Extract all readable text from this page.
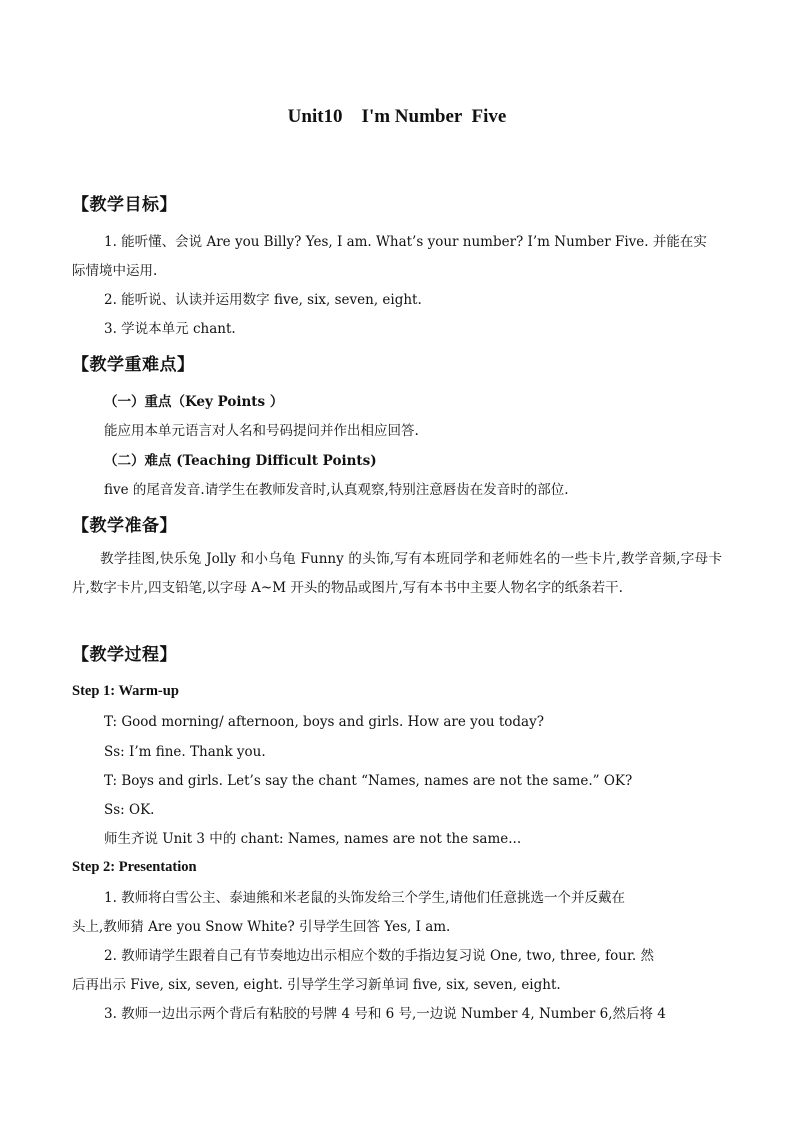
Unit10    I'm Number  Five
【教学目标】
1. 能听懂、会说 Are you Billy? Yes, I am. What’s your number? I’m Number Five. 并能在实
际情境中运用.
2. 能听说、认读并运用数字 five, six, seven, eight.
3. 学说本单元 chant.
【教学重难点】
（一）重点（Key Points ）
能应用本单元语言对人名和号码提问并作出相应回答.
（二）难点 (Teaching Difficult Points)
five 的尾音发音.请学生在教师发音时,认真观察,特别注意唇齿在发音时的部位.
【教学准备】
教学挂图,快乐兔 Jolly 和小乌龟 Funny 的头饰,写有本班同学和老师姓名的一些卡片,教学音频,字母卡片,数字卡片,四支铅笔,以字母 A~M 开头的物品或图片,写有本书中主要人物名字的纸条若干.
【教学过程】
Step 1: Warm-up
T: Good morning/ afternoon, boys and girls. How are you today?
Ss: I’m fine. Thank you.
T: Boys and girls. Let’s say the chant “Names, names are not the same.” OK?
Ss: OK.
师生齐说 Unit 3 中的 chant: Names, names are not the same...
Step 2: Presentation
1. 教师将白雪公主、泰迪熊和米老鼠的头饰发给三个学生,请他们任意挑选一个并反戴在
头上,教师猜 Are you Snow White? 引导学生回答 Yes, I am.
2. 教师请学生跟着自己有节奏地边出示相应个数的手指边复习说 One, two, three, four. 然
后再出示 Five, six, seven, eight. 引导学生学习新单词 five, six, seven, eight.
3. 教师一边出示两个背后有粘胶的号牌 4 号和 6 号,一边说 Number 4, Number 6,然后将 4
